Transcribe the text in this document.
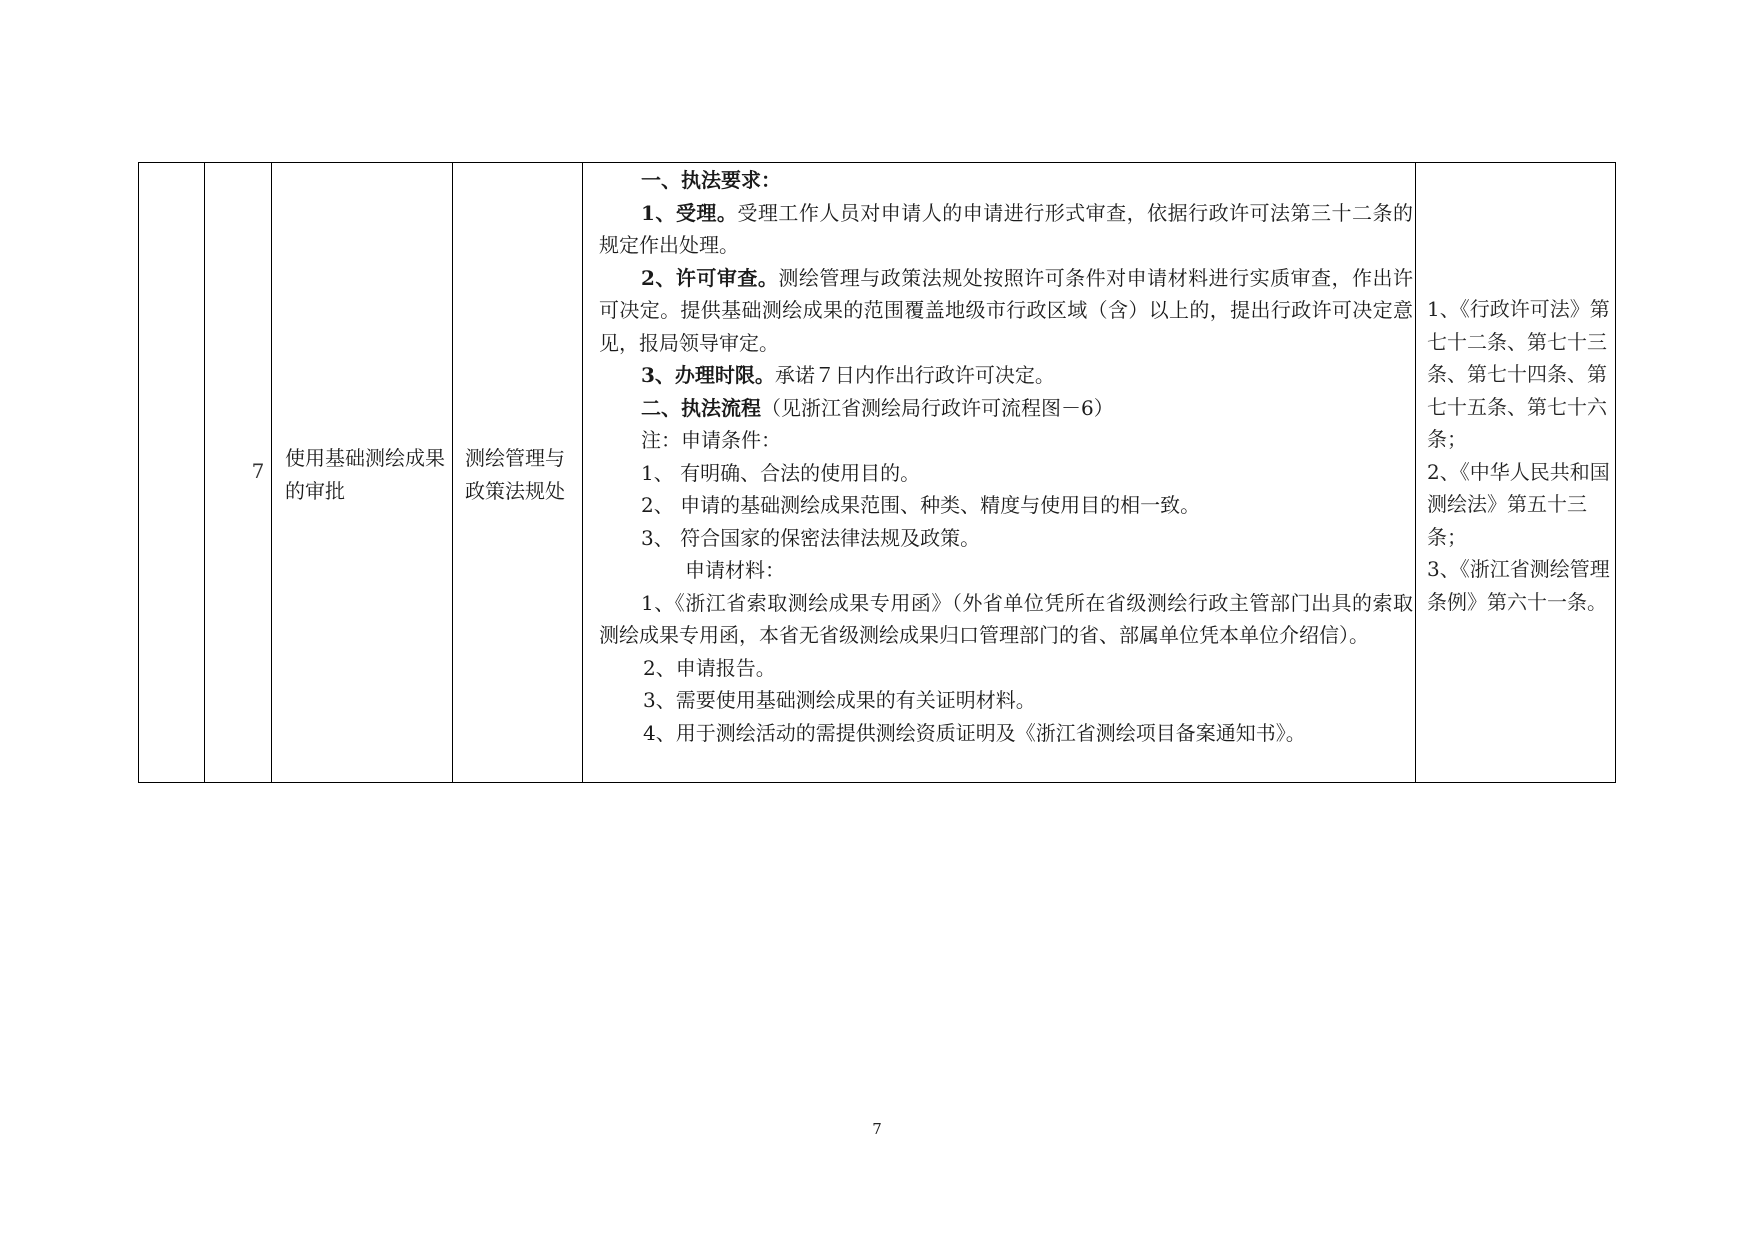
7
使用基础测绘成果的审批
测绘管理与政策法规处

一、执法要求：

1、受理。受理工作人员对申请人的申请进行形式审查，依据行政许可法第三十二条的规定作出处理。

2、许可审查。测绘管理与政策法规处按照许可条件对申请材料进行实质审查，作出许可决定。提供基础测绘成果的范围覆盖地级市行政区域（含）以上的，提出行政许可决定意见，报局领导审定。

3、办理时限。承诺７日内作出行政许可决定。

二、执法流程（见浙江省测绘局行政许可流程图－6）

注：申请条件：

1、 有明确、合法的使用目的。

2、 申请的基础测绘成果范围、种类、精度与使用目的相一致。

3、 符合国家的保密法律法规及政策。

申请材料：

1、《浙江省索取测绘成果专用函》（外省单位凭所在省级测绘行政主管部门出具的索取测绘成果专用函，本省无省级测绘成果归口管理部门的省、部属单位凭本单位介绍信）。

2、申请报告。

3、需要使用基础测绘成果的有关证明材料。

4、用于测绘活动的需提供测绘资质证明及《浙江省测绘项目备案通知书》。

1、《行政许可法》第七十二条、第七十三条、第七十四条、第七十五条、第七十六条；

2、《中华人民共和国测绘法》第五十三条；

3、《浙江省测绘管理条例》第六十一条。

7
